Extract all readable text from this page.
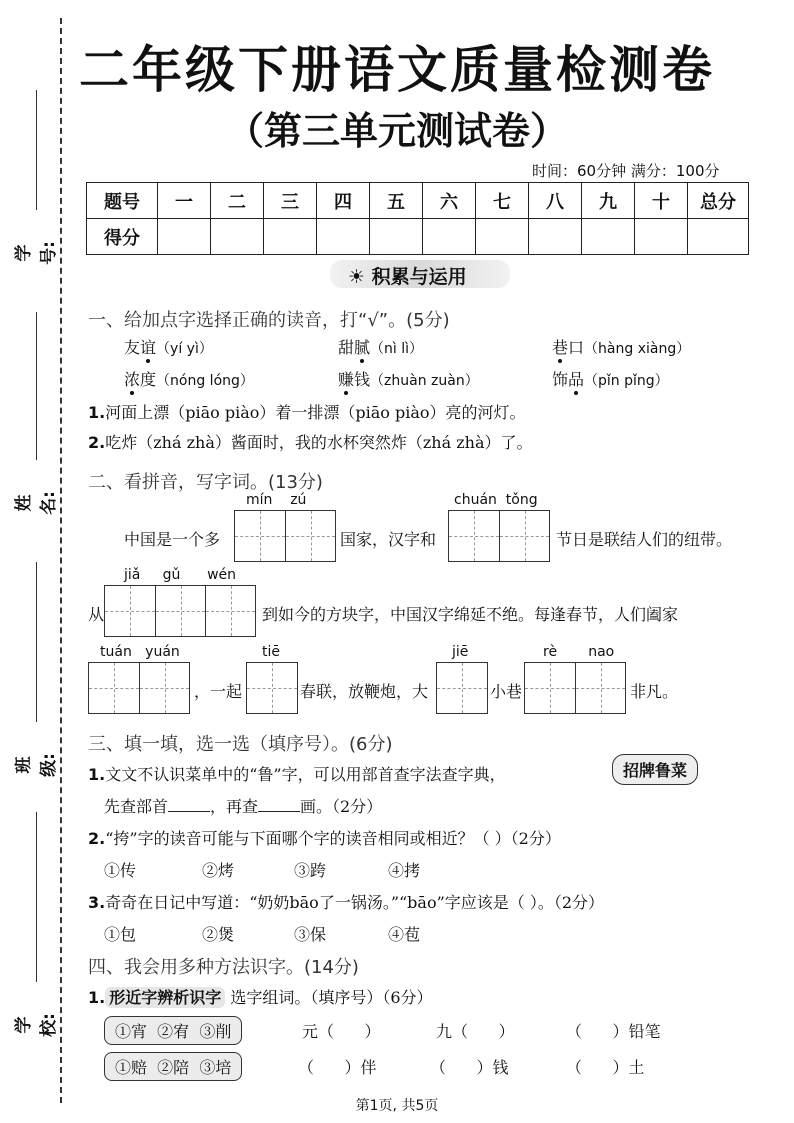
学号:
姓名:
班级:
学校:
二年级下册语文质量检测卷
（第三单元测试卷）
时间：60分钟 满分：100分
题号	一	二	三	四	五	六	七	八	九	十	总分
得分											
☀ 积累与运用
一、给加点字选择正确的读音，打“√”。(5分)
友谊（yí yì）	甜腻（nì lì）	巷口（hàng xiàng）
浓度（nóng lóng）	赚钱（zhuàn zuàn）	饰品（pǐn pǐng）
1.河面上漂（piāo piào）着一排漂（piāo piào）亮的河灯。
2.吃炸（zhá zhà）酱面时，我的水杯突然炸（zhá zhà）了。
二、看拼音，写字词。(13分)
mín    zú	chuán  tǒng
中国是一个多	国家，汉字和	节日是联结人们的纽带。
jiǎ     gǔ      wén
从	到如今的方块字，中国汉字绵延不绝。每逢春节，人们阖家
tuán   yuán	tiē	jiē	rè       nao
，一起	春联，放鞭炮，大	小巷	非凡。
三、填一填，选一选（填序号）。(6分)
1.文文不认识菜单中的“鲁”字，可以用部首查字法查字典，	招牌鲁菜
先查部首	，再查	画。（2分）
2.“挎”字的读音可能与下面哪个字的读音相同或相近？（ ）（2分）
①传	②烤	③跨	④拷
3.奇奇在日记中写道：“奶奶bāo了一锅汤。”“bāo”字应该是（ ）。（2分）
①包	②煲	③保	④苞
四、我会用多种方法识字。(14分)
1. 形近字辨析识字 选字组词。（填序号）（6分）
①宵  ②宥  ③削	元（      ）	九（      ）	（      ）铅笔
①赔  ②陪  ③培	（      ）伴	（      ）钱	（      ）土
第1页, 共5页
